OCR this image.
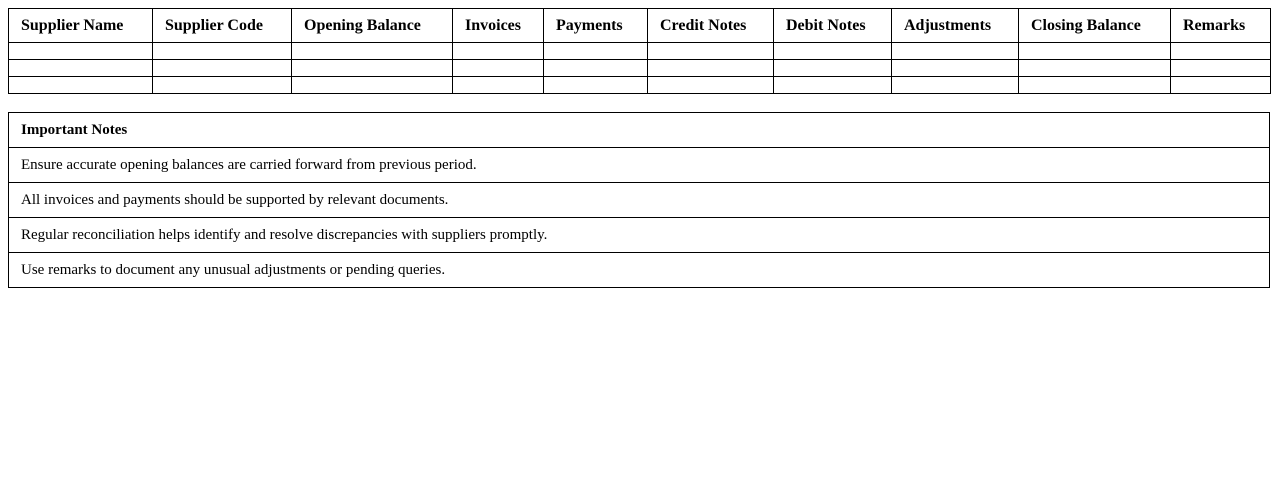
Supplier Name	Supplier Code	Opening Balance	Invoices	Payments	Credit Notes	Debit Notes	Adjustments	Closing Balance	Remarks

Important Notes
Ensure accurate opening balances are carried forward from previous period.
All invoices and payments should be supported by relevant documents.
Regular reconciliation helps identify and resolve discrepancies with suppliers promptly.
Use remarks to document any unusual adjustments or pending queries.
